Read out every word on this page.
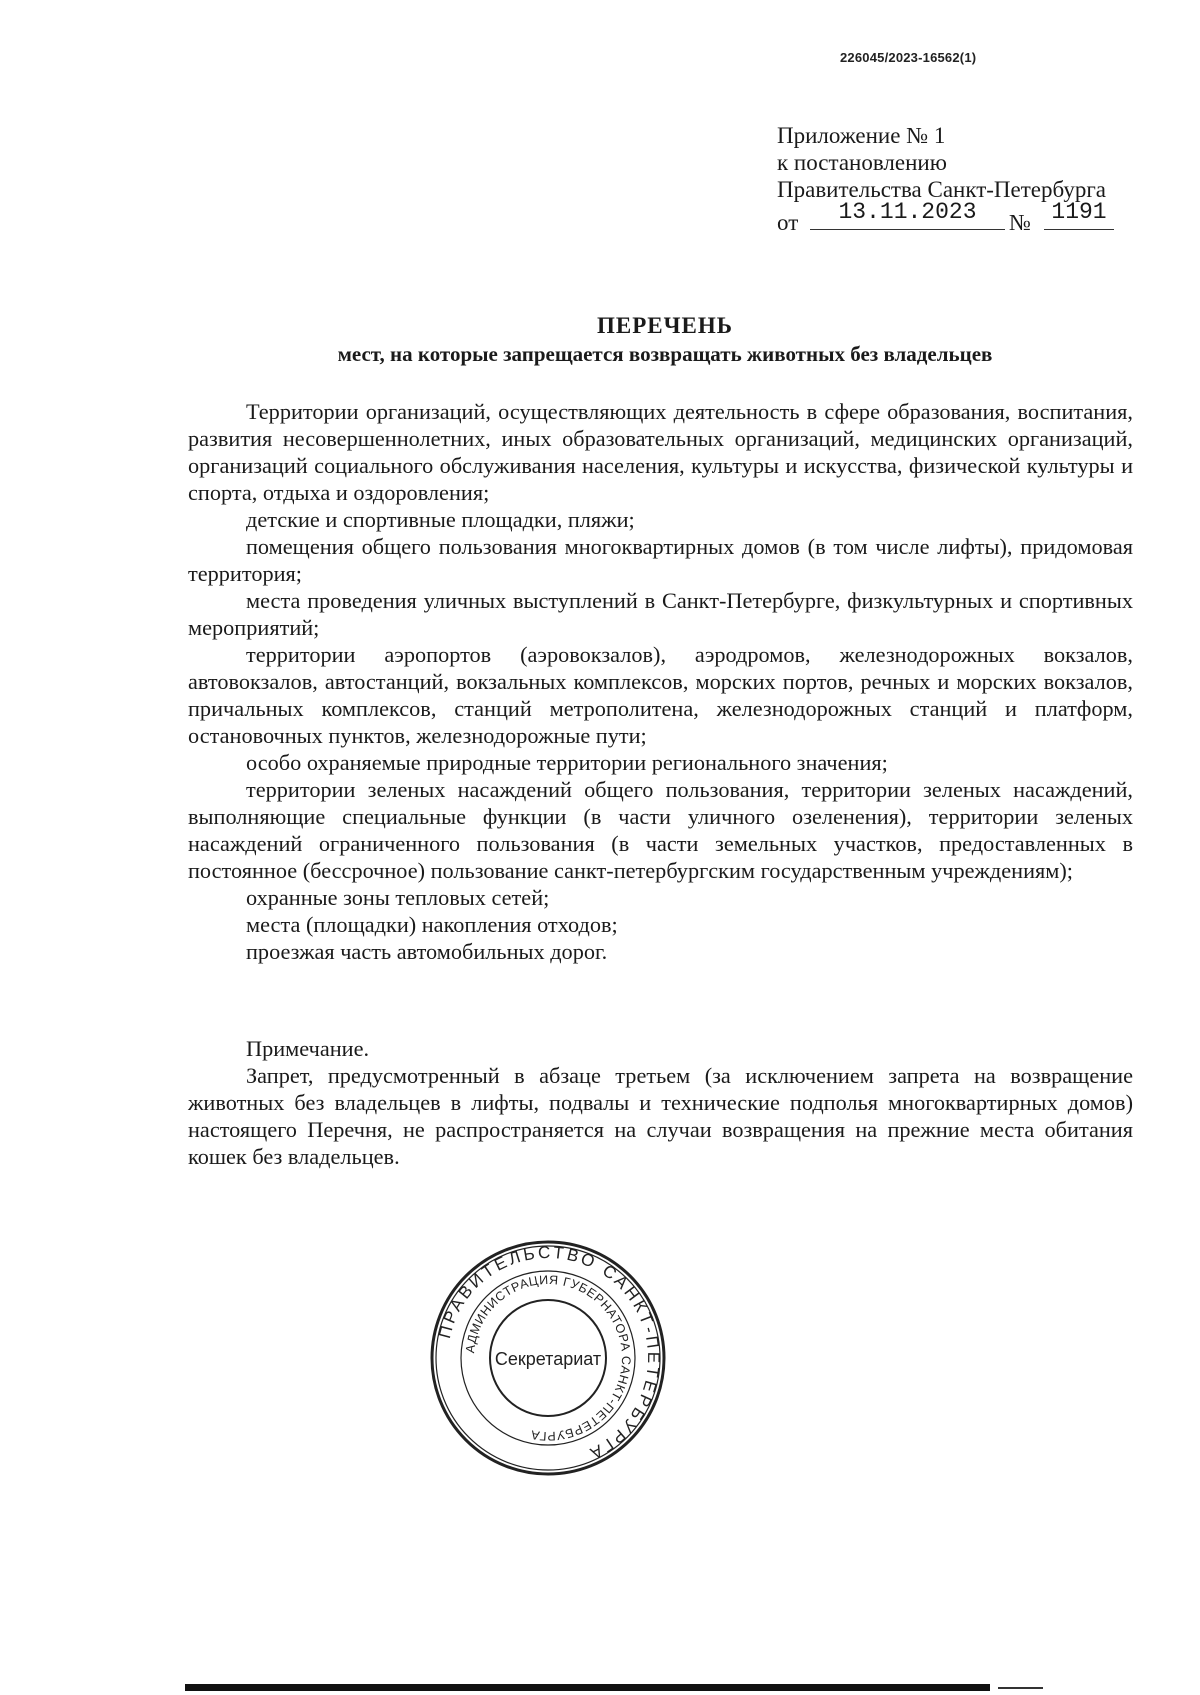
226045/2023-16562(1)
Приложение № 1
к постановлению
Правительства Санкт-Петербурга
от	13.11.2023	№ 1191
ПЕРЕЧЕНЬ
мест, на которые запрещается возвращать животных без владельцев

Территории организаций, осуществляющих деятельность в сфере образования, воспитания, развития несовершеннолетних, иных образовательных организаций, медицинских организаций, организаций социального обслуживания населения, культуры и искусства, физической культуры и спорта, отдыха и оздоровления;

детские и спортивные площадки, пляжи;

помещения общего пользования многоквартирных домов (в том числе лифты), придомовая территория;

места проведения уличных выступлений в Санкт-Петербурге, физкультурных и спортивных мероприятий;

территории аэропортов (аэровокзалов), аэродромов, железнодорожных вокзалов, автовокзалов, автостанций, вокзальных комплексов, морских портов, речных и морских вокзалов, причальных комплексов, станций метрополитена, железнодорожных станций и платформ, остановочных пунктов, железнодорожные пути;

особо охраняемые природные территории регионального значения;

территории зеленых насаждений общего пользования, территории зеленых насаждений, выполняющие специальные функции (в части уличного озеленения), территории зеленых насаждений ограниченного пользования (в части земельных участков, предоставленных в постоянное (бессрочное) пользование санкт-петербургским государственным учреждениям);

охранные зоны тепловых сетей;

места (площадки) накопления отходов;

проезжая часть автомобильных дорог.

Примечание.

Запрет, предусмотренный в абзаце третьем (за исключением запрета на возвращение животных без владельцев в лифты, подвалы и технические подполья многоквартирных домов) настоящего Перечня, не распространяется на случаи возвращения на прежние места обитания кошек без владельцев.

ПРАВИТЕЛЬСТВО САНКТ-ПЕТЕРБУРГА
АДМИНИСТРАЦИЯ ГУБЕРНАТОРА САНКТ-ПЕТЕРБУРГА
Секретариат
